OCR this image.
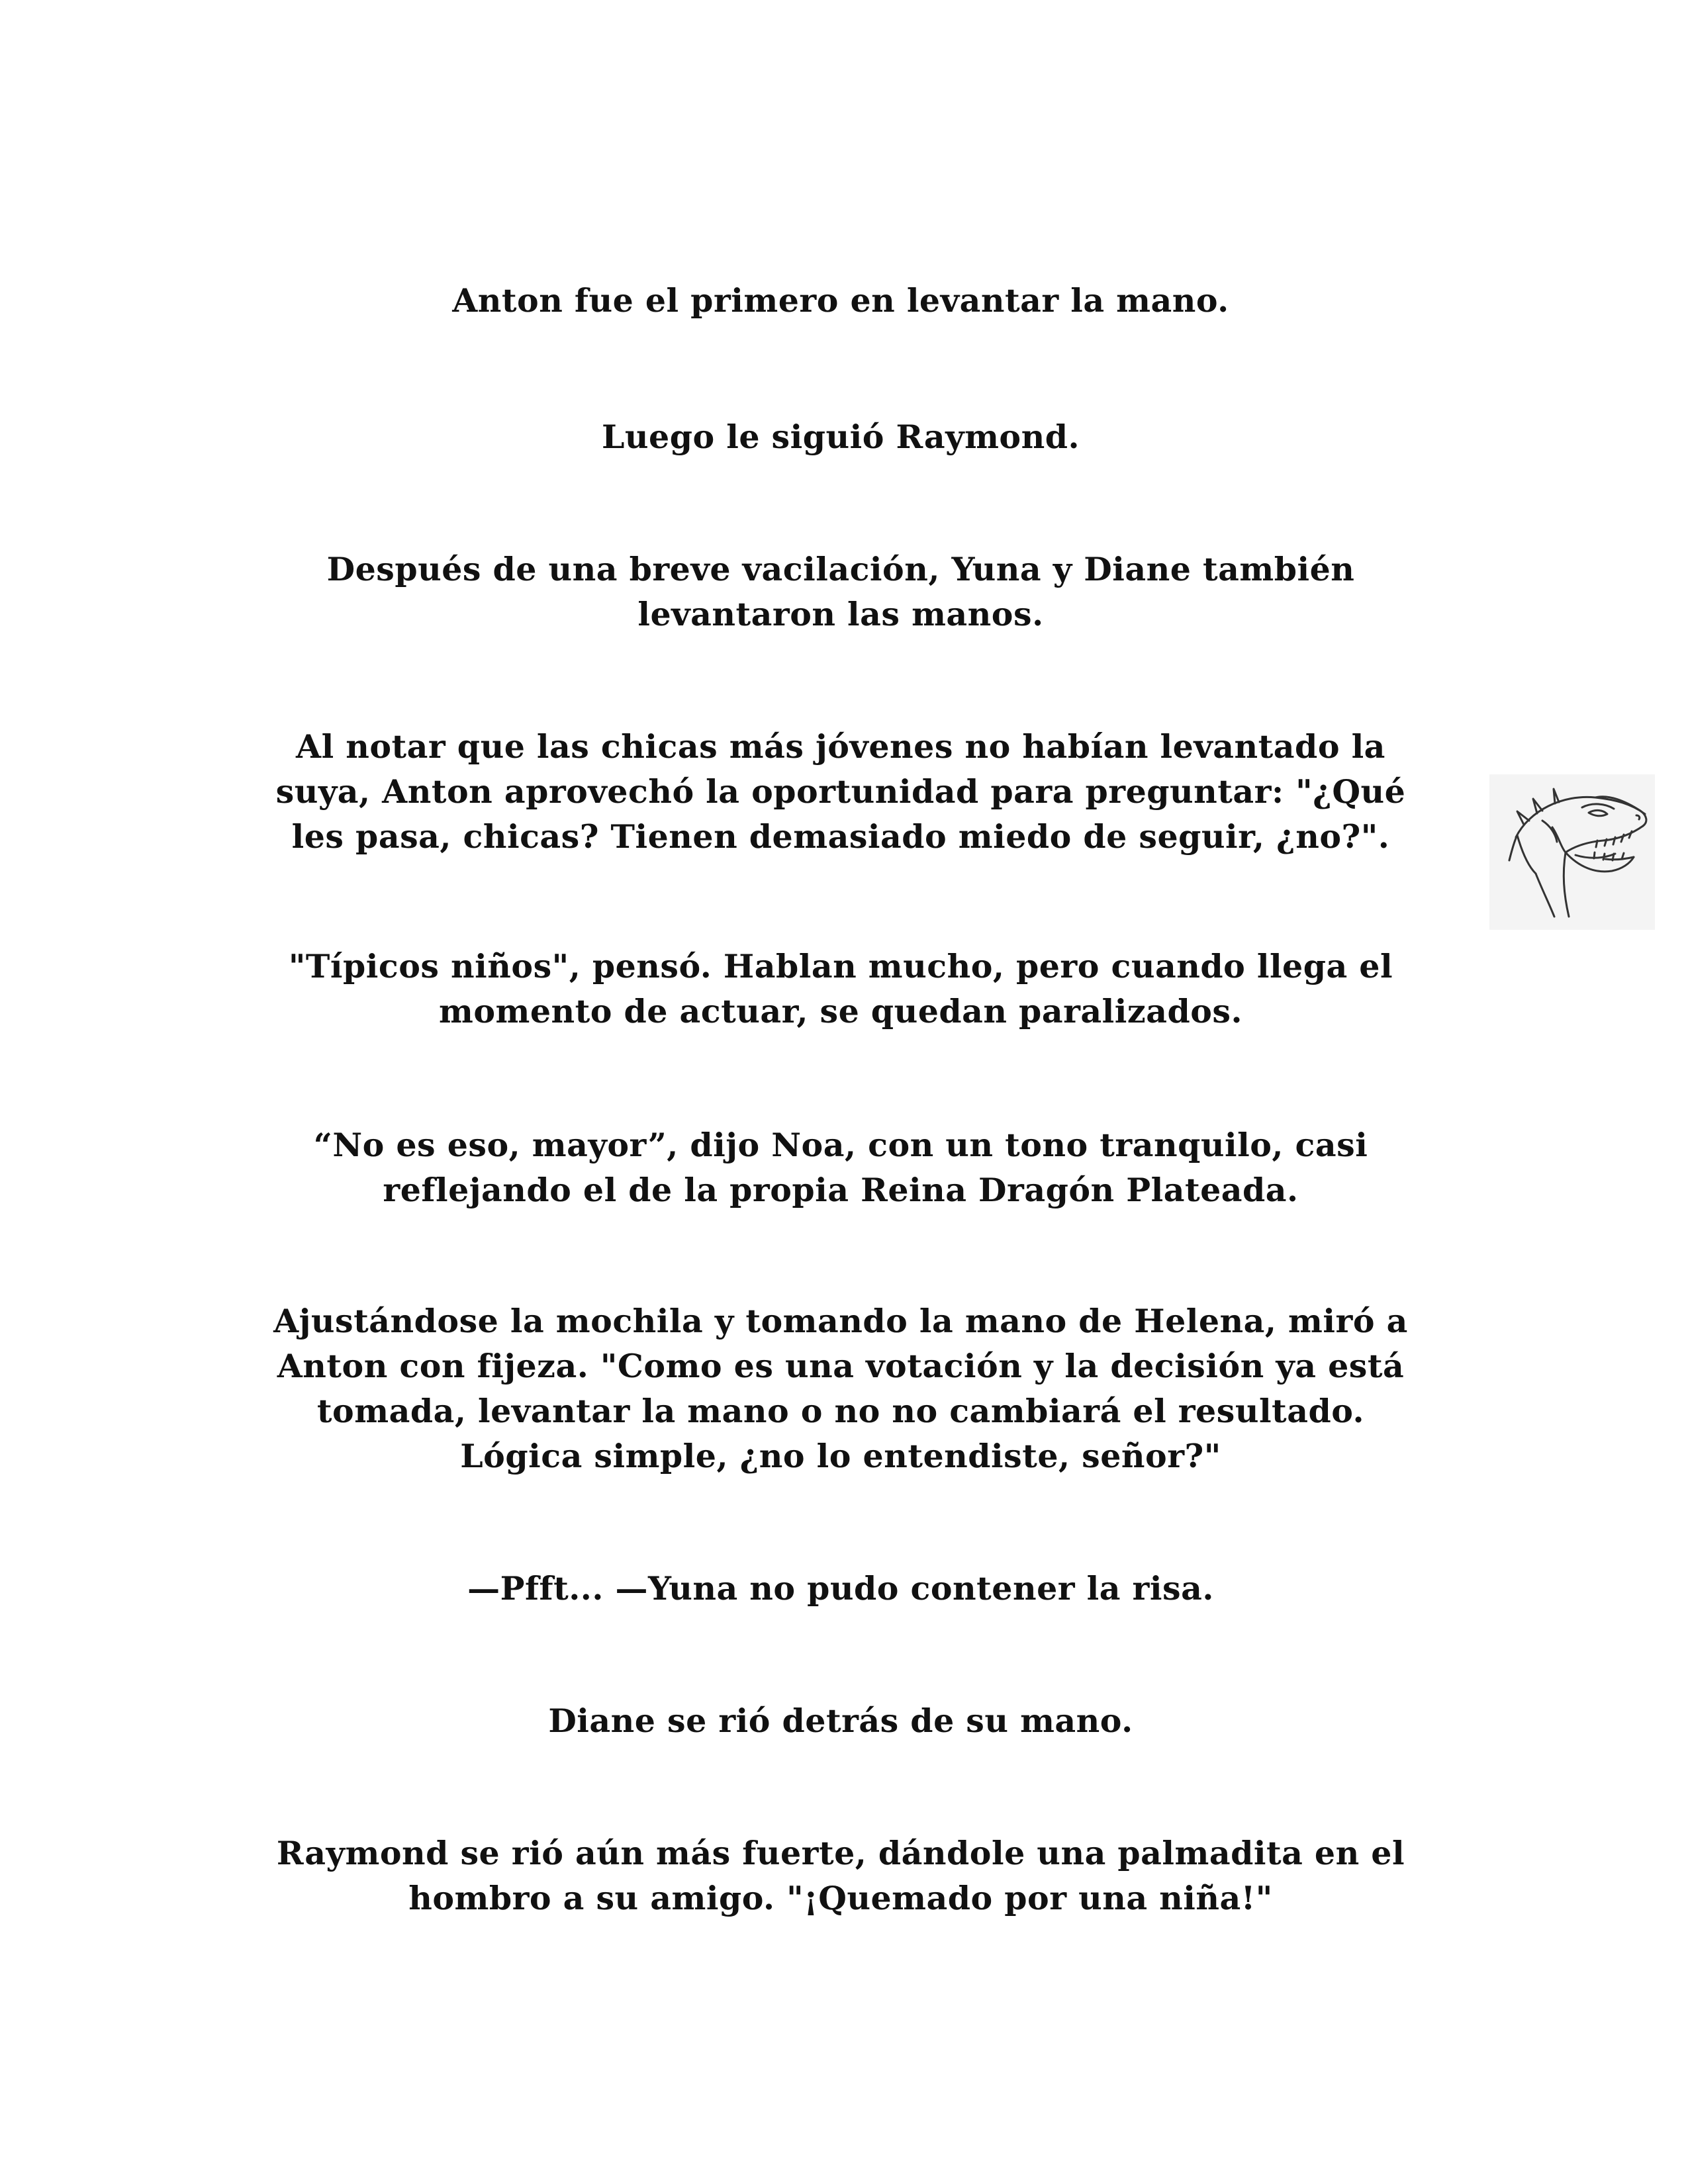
Anton fue el primero en levantar la mano.

Luego le siguió Raymond.

Después de una breve vacilación, Yuna y Diane también
levantaron las manos.

Al notar que las chicas más jóvenes no habían levantado la
suya, Anton aprovechó la oportunidad para preguntar: "¿Qué
les pasa, chicas? Tienen demasiado miedo de seguir, ¿no?".

"Típicos niños", pensó. Hablan mucho, pero cuando llega el
momento de actuar, se quedan paralizados.

“No es eso, mayor”, dijo Noa, con un tono tranquilo, casi
reflejando el de la propia Reina Dragón Plateada.

Ajustándose la mochila y tomando la mano de Helena, miró a
Anton con fijeza. "Como es una votación y la decisión ya está
tomada, levantar la mano o no no cambiará el resultado.
Lógica simple, ¿no lo entendiste, señor?"

—Pfft... —Yuna no pudo contener la risa.

Diane se rió detrás de su mano.

Raymond se rió aún más fuerte, dándole una palmadita en el
hombro a su amigo. "¡Quemado por una niña!"
